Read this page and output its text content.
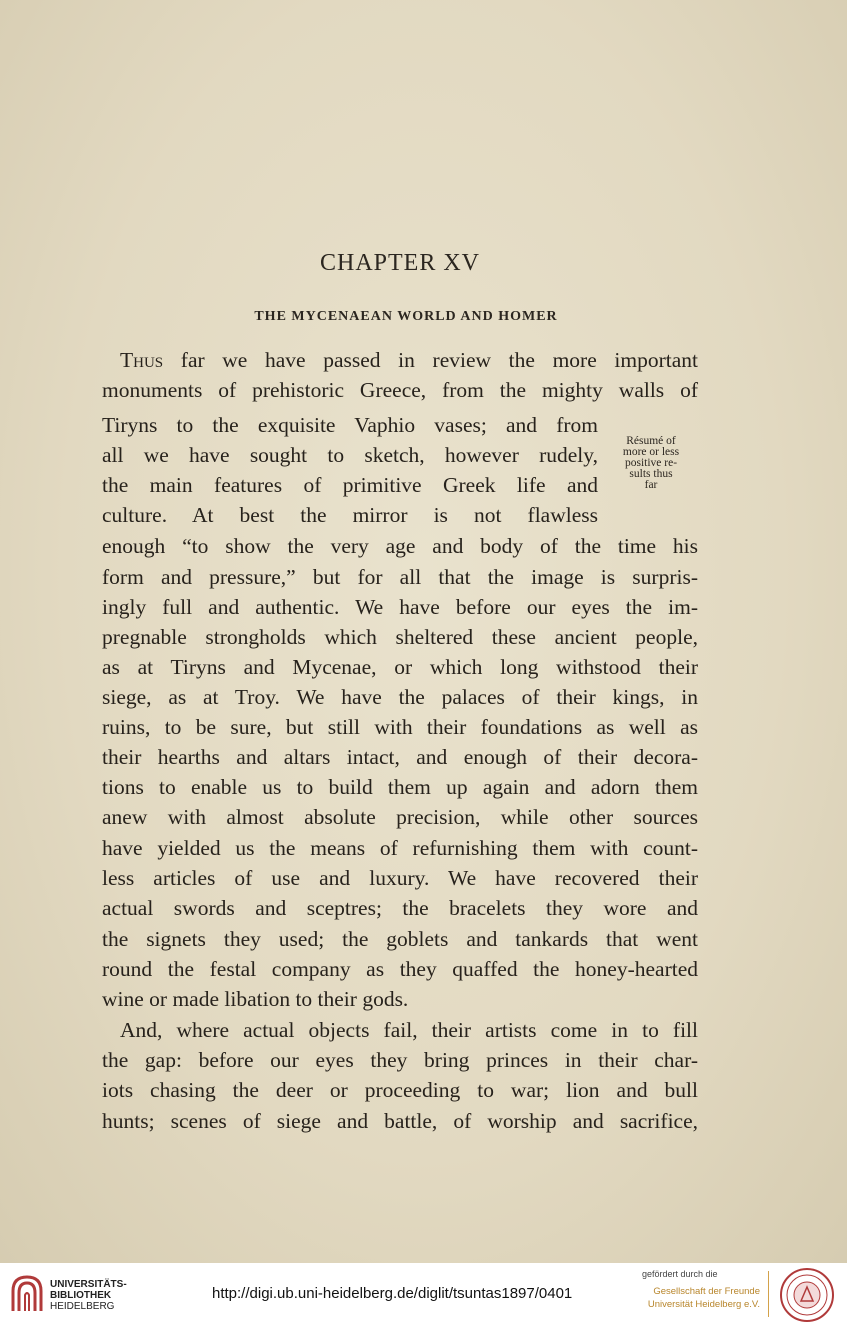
CHAPTER XV
THE MYCENAEAN WORLD AND HOMER
Thus far we have passed in review the more important
monuments of prehistoric Greece, from the mighty walls of
Tiryns to the exquisite Vaphio vases; and from
all we have sought to sketch, however rudely,
the main features of primitive Greek life and
culture. At best the mirror is not flawless
enough “to show the very age and body of the time his
form and pressure,” but for all that the image is surpris-
ingly full and authentic. We have before our eyes the im-
pregnable strongholds which sheltered these ancient people,
as at Tiryns and Mycenae, or which long withstood their
siege, as at Troy. We have the palaces of their kings, in
ruins, to be sure, but still with their foundations as well as
their hearths and altars intact, and enough of their decora-
tions to enable us to build them up again and adorn them
anew with almost absolute precision, while other sources
have yielded us the means of refurnishing them with count-
less articles of use and luxury. We have recovered their
actual swords and sceptres; the bracelets they wore and
the signets they used; the goblets and tankards that went
round the festal company as they quaffed the honey-hearted
wine or made libation to their gods.
And, where actual objects fail, their artists come in to fill
the gap: before our eyes they bring princes in their char-
iots chasing the deer or proceeding to war; lion and bull
hunts; scenes of siege and battle, of worship and sacrifice,
Résumé of
more or less
positive re-
sults thus
far
UNIVERSITÄTS-
BIBLIOTHEK
HEIDELBERG
http://digi.ub.uni-heidelberg.de/diglit/tsuntas1897/0401
gefördert durch die
Gesellschaft der Freunde
Universität Heidelberg e.V.
